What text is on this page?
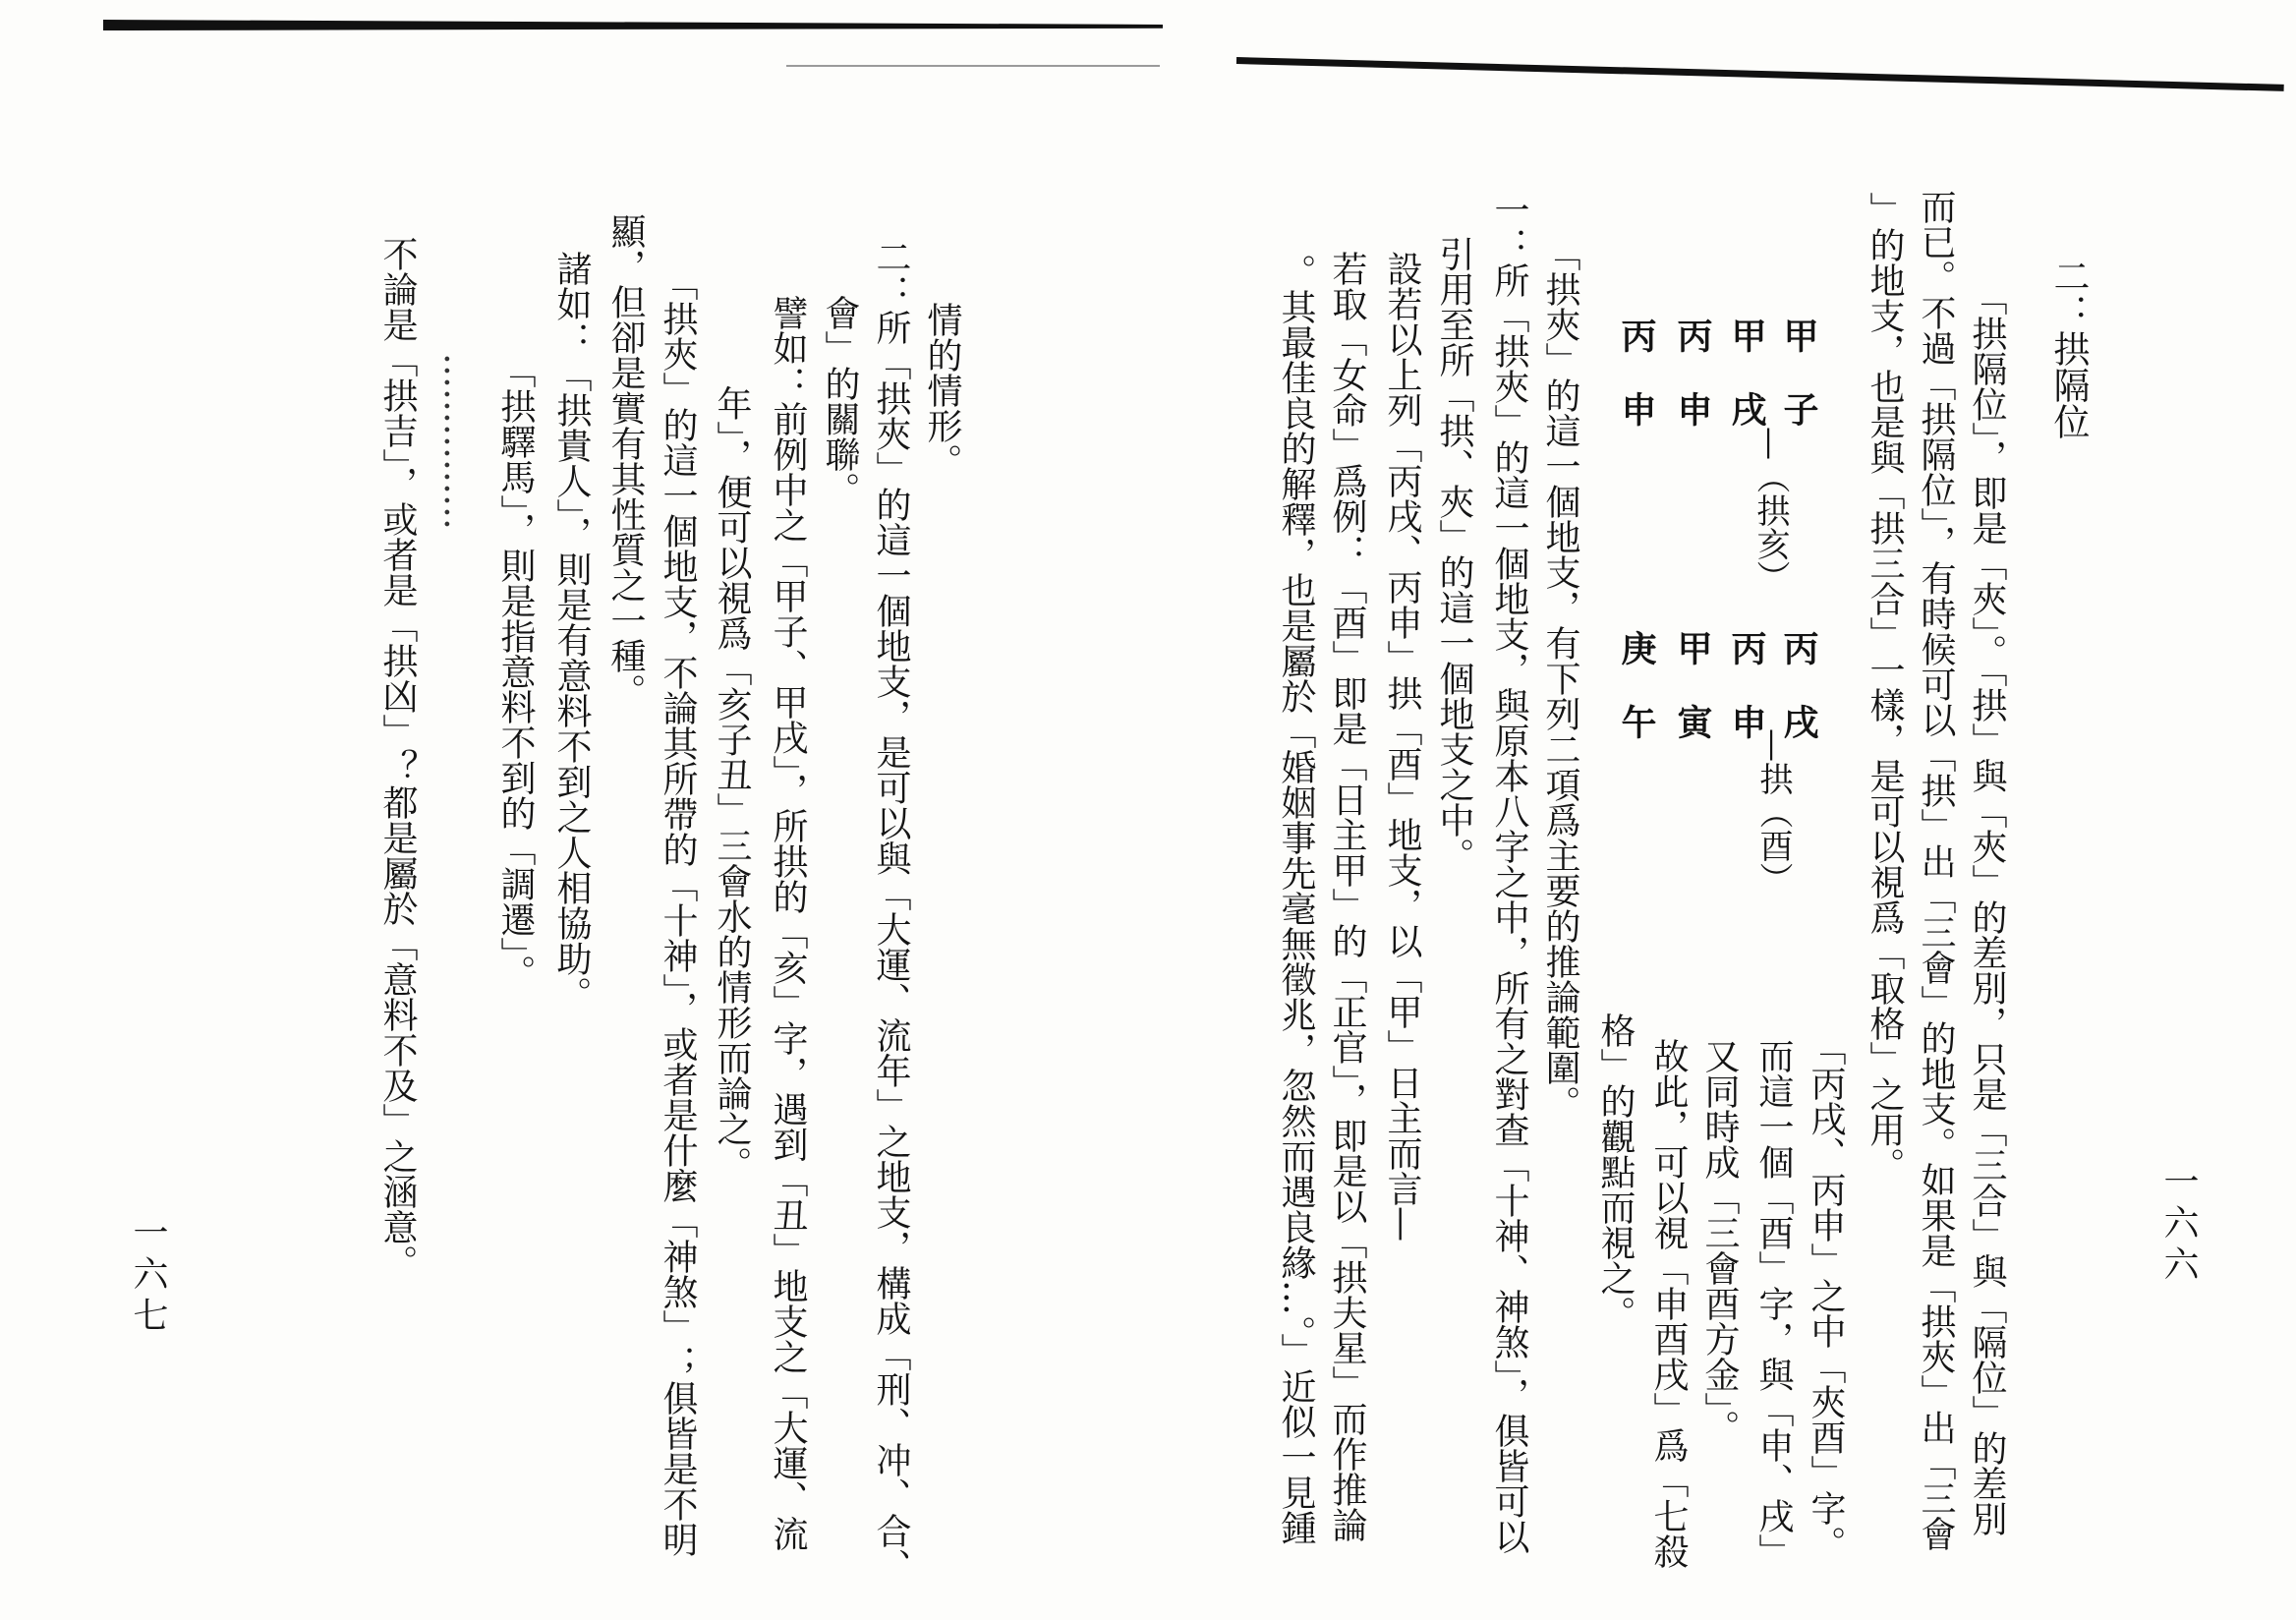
二：拱隔位
「拱隔位」，即是「夾」。「拱」與「夾」的差別，只是「三合」與「隔位」的差別
而已。不過「拱隔位」，有時候可以「拱」出「三會」的地支。如果是「拱夾」出「三會
」的地支，也是與「拱三合」一樣，是可以視爲「取格」之用。
甲子
甲戌
丙申
丙申
—（拱亥）
丙戌
丙申
甲寅
庚午
—拱（酉）
「丙戌、丙申」之中「夾酉」字。
而這一個「酉」字，與「申、戌」
又同時成「三會酉方金」。
故此，可以視「申酉戌」爲「七殺
格」的觀點而視之。
「拱夾」的這一個地支，有下列二項爲主要的推論範圍。
一：所「拱夾」的這一個地支，與原本八字之中，所有之對查「十神、神煞」，俱皆可以
引用至所「拱、夾」的這一個地支之中。
設若以上列「丙戌、丙申」拱「酉」地支，以「甲」日主而言—
若取「女命」爲例：「酉」即是「日主甲」的「正官」，即是以「拱夫星」而作推論
。其最佳良的解釋，也是屬於「婚姻事先毫無徵兆，忽然而遇良緣…。」近似一見鍾	一六六
情的情形。
二：所「拱夾」的這一個地支，是可以與「大運、流年」之地支，構成「刑、冲、合、
會」的關聯。
譬如：前例中之「甲子、甲戌」，所拱的「亥」字，遇到「丑」地支之「大運、流
年」，便可以視爲「亥子丑」三會水的情形而論之。
「拱夾」的這一個地支，不論其所帶的「十神」，或者是什麼「神煞」；俱皆是不明
顯，但卻是實有其性質之一種。
諸如：「拱貴人」，則是有意料不到之人相協助。
「拱驛馬」，則是指意料不到的「調遷」。
……………
不論是「拱吉」，或者是「拱凶」？都是屬於「意料不及」之涵意。
一六七
